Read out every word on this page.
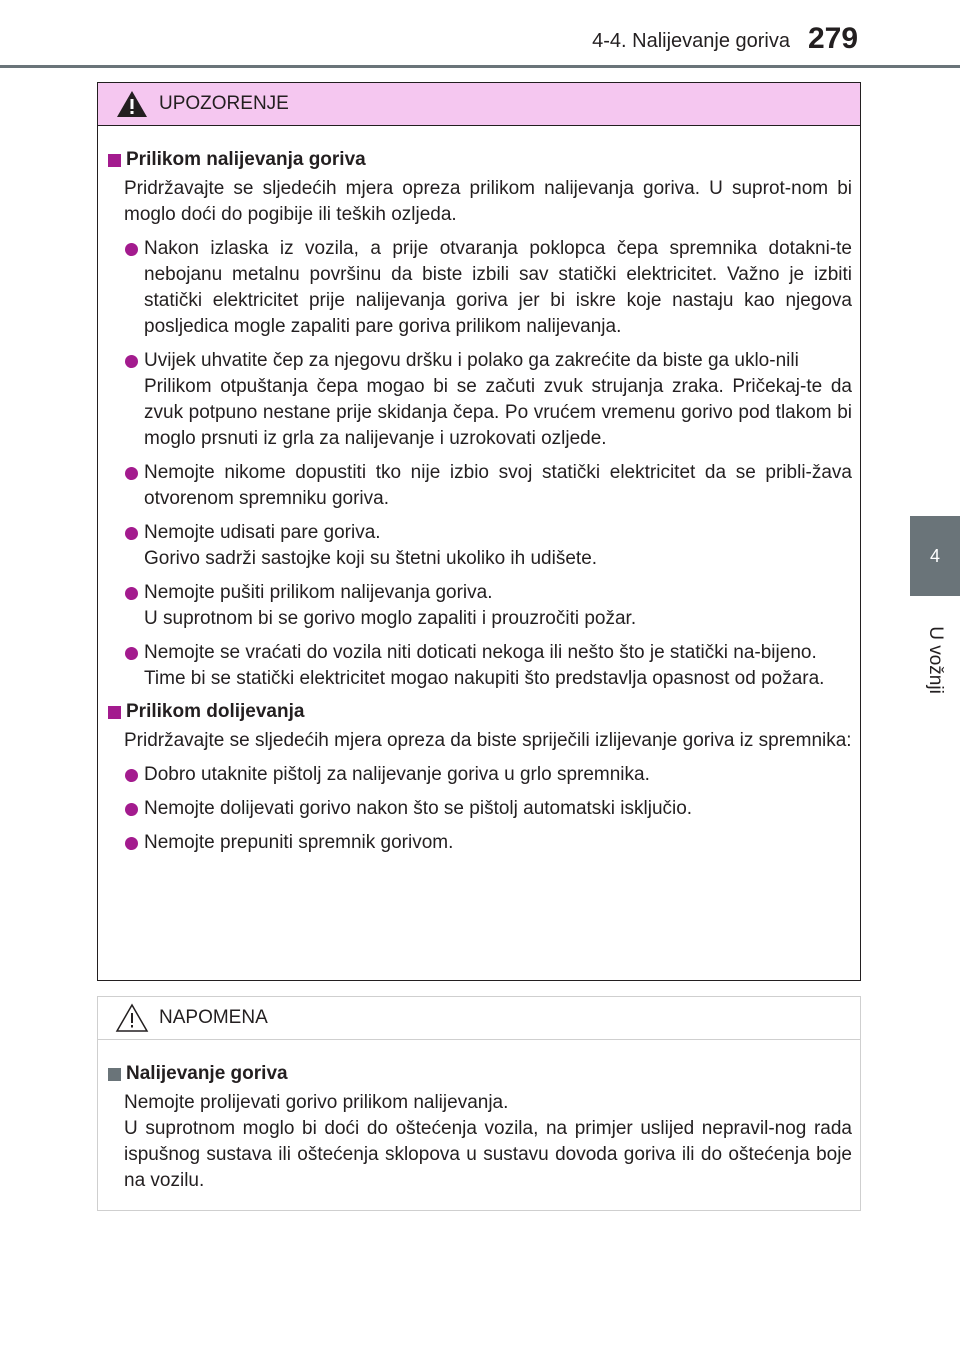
4-4. Nalijevanje goriva 279
4
U vožnji
UPOZORENJE
Prilikom nalijevanja goriva
Pridržavajte se sljedećih mjera opreza prilikom nalijevanja goriva. U suprot-nom bi moglo doći do pogibije ili teških ozljeda.
Nakon izlaska iz vozila, a prije otvaranja poklopca čepa spremnika dotakni-te nebojanu metalnu površinu da biste izbili sav statički elektricitet. Važno je izbiti statički elektricitet prije nalijevanja goriva jer bi iskre koje nastaju kao njegova posljedica mogle zapaliti pare goriva prilikom nalijevanja.
Uvijek uhvatite čep za njegovu dršku i polako ga zakrećite da biste ga uklo-nili
Prilikom otpuštanja čepa mogao bi se začuti zvuk strujanja zraka. Pričekaj-te da zvuk potpuno nestane prije skidanja čepa. Po vrućem vremenu gorivo pod tlakom bi moglo prsnuti iz grla za nalijevanje i uzrokovati ozljede.
Nemojte nikome dopustiti tko nije izbio svoj statički elektricitet da se pribli-žava otvorenom spremniku goriva.
Nemojte udisati pare goriva.
Gorivo sadrži sastojke koji su štetni ukoliko ih udišete.
Nemojte pušiti prilikom nalijevanja goriva.
U suprotnom bi se gorivo moglo zapaliti i prouzročiti požar.
Nemojte se vraćati do vozila niti doticati nekoga ili nešto što je statički na-bijeno.
Time bi se statički elektricitet mogao nakupiti što predstavlja opasnost od požara.
Prilikom dolijevanja
Pridržavajte se sljedećih mjera opreza da biste spriječili izlijevanje goriva iz spremnika:
Dobro utaknite pištolj za nalijevanje goriva u grlo spremnika.
Nemojte dolijevati gorivo nakon što se pištolj automatski isključio.
Nemojte prepuniti spremnik gorivom.
NAPOMENA
Nalijevanje goriva
Nemojte prolijevati gorivo prilikom nalijevanja.
U suprotnom moglo bi doći do oštećenja vozila, na primjer uslijed nepravil-nog rada ispušnog sustava ili oštećenja sklopova u sustavu dovoda goriva ili do oštećenja boje na vozilu.
